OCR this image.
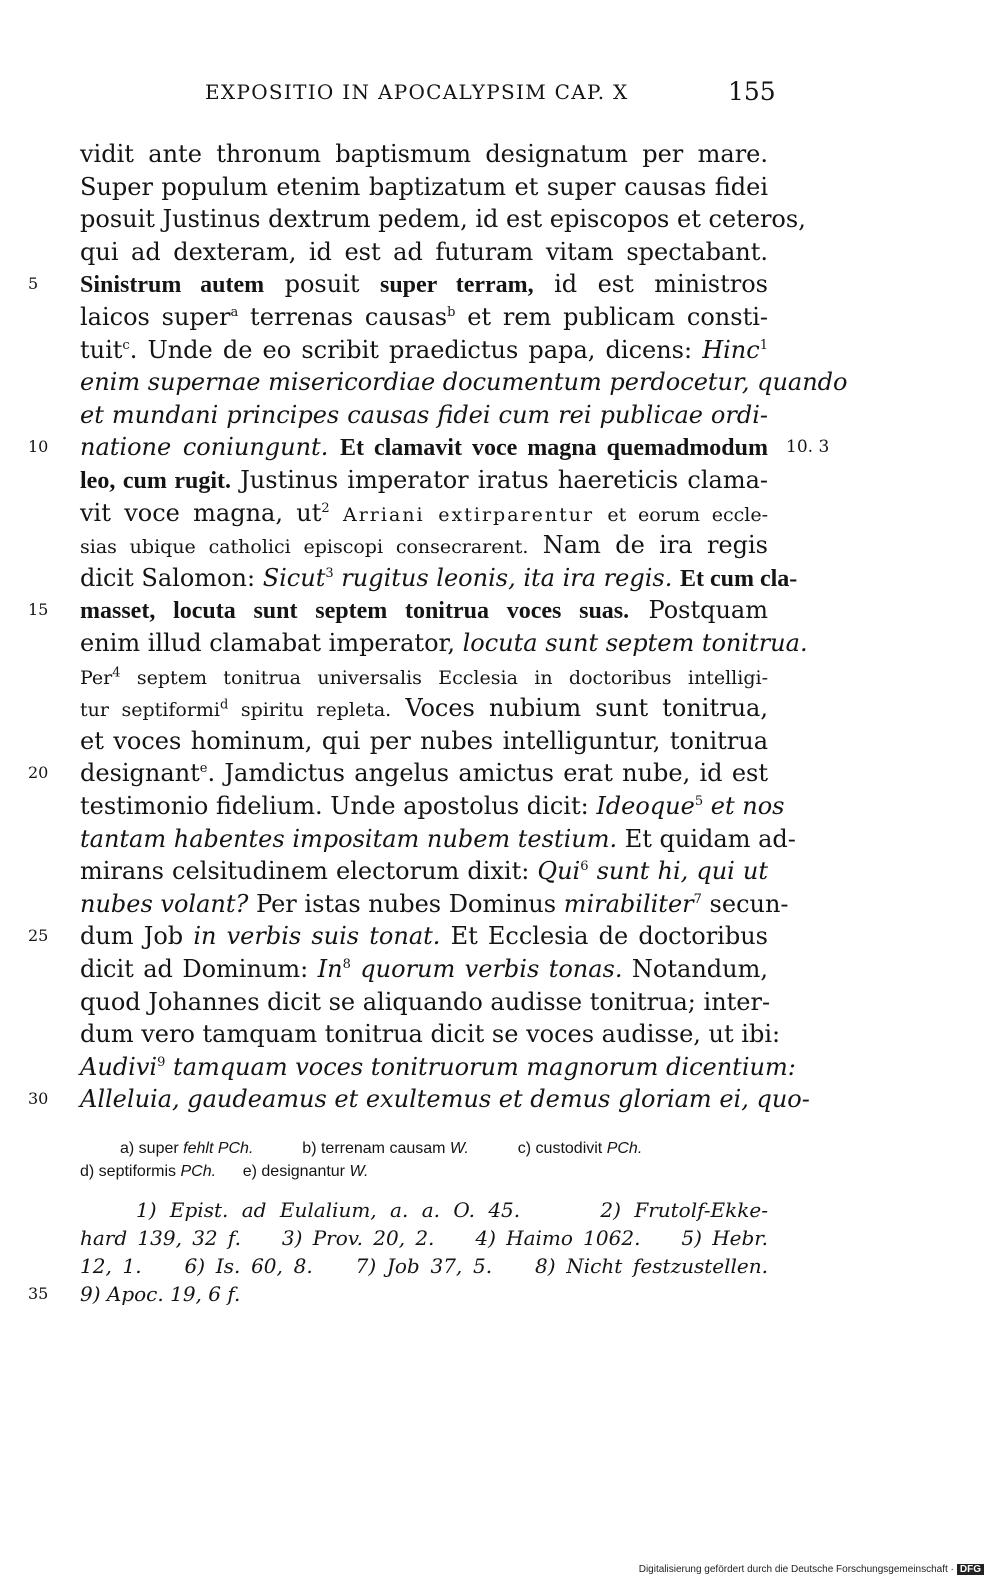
EXPOSITIO IN APOCALYPSIM CAP. X	155
vidit ante thronum baptismum designatum per mare.
Super populum etenim baptizatum et super causas fidei
posuit Justinus dextrum pedem, id est episcopos et ceteros,
qui ad dexteram, id est ad futuram vitam spectabant.
Sinistrum autem posuit super terram, id est ministros
5
laicos super$^a$ terrenas causas$^b$ et rem publicam consti-
tuit$^c$. Unde de eo scribit praedictus papa, dicens: Hinc$^1$
enim supernae misericordiae documentum perdocetur, quando
et mundani principes causas fidei cum rei publicae ordi-
natione coniungunt. Et clamavit voce magna quemadmodum
10	10. 3
leo, cum rugit. Justinus imperator iratus haereticis clama-
vit voce magna, $ut^2$ Arriani extirparentur et eorum eccle-
sias ubique catholici episcopi consecrarent. Nam de ira regis
dicit Salomon: Sicut$^3$ rugitus leonis, ita ira regis. Et cum cla-
masset, locuta sunt septem tonitrua voces suas. Postquam
15
enim illud clamabat imperator, locuta sunt septem tonitrua.
Per$^4$ septem tonitrua universalis Ecclesia in doctoribus intelligi-
tur septiformi$^d$ spiritu repleta. Voces nubium sunt tonitrua,
et voces hominum, qui per nubes intelliguntur, tonitrua
designant$^e$. Jamdictus angelus amictus erat nube, id est
20
testimonio fidelium. Unde apostolus dicit: Ideoque$^5$ et nos
tantam habentes impositam nubem testium. Et quidam ad-
mirans celsitudinem electorum dixit: Qui$^6$ sunt hi, qui ut
nubes volant? Per istas nubes Dominus mirabiliter$^7$ secun-
dum Job in verbis suis tonat. Et Ecclesia de doctoribus
25
dicit ad Dominum: In$^8$ quorum verbis tonas. Notandum,
quod Johannes dicit se aliquando audisse tonitrua; inter-
dum vero tamquam tonitrua dicit se voces audisse, ut ibi:
Audivi$^9$ tamquam voces tonitruorum magnorum dicentium:
Alleluia, gaudeamus et exultemus et demus gloriam ei, quo-
30
a) super fehlt PCh.           b) terrenam causam W.           c) custodivit PCh.
d) septiformis PCh.      e) designantur W.
1) Epist. ad Eulalium, a. a. O. 45.      2) Frutolf-Ekke-
hard 139, 32 f.    3) Prov. 20, 2.    4) Haimo 1062.    5) Hebr.
12, 1.    6) Is. 60, 8.    7) Job 37, 5.    8) Nicht festzustellen.
9) Apoc. 19, 6 f.
35
Digitalisierung gefördert durch die Deutsche Forschungsgemeinschaft · DFG
